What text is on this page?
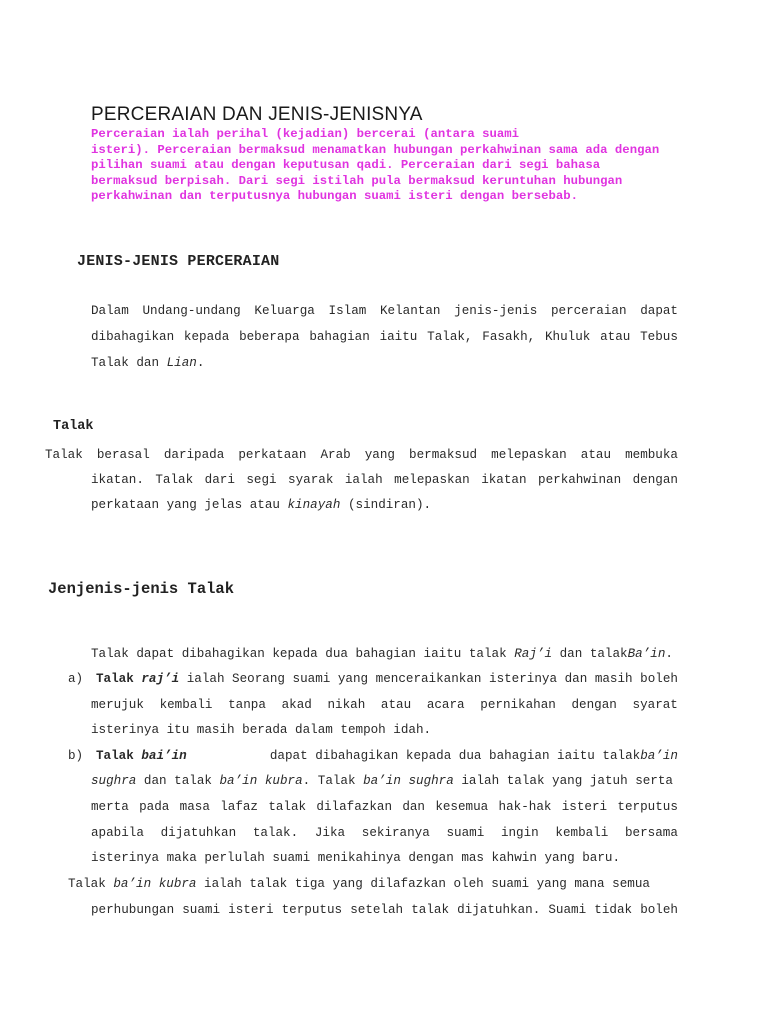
PERCERAIAN DAN JENIS-JENISNYA
Perceraian ialah perihal (kejadian) bercerai (antara suami
isteri). Perceraian bermaksud menamatkan hubungan perkahwinan sama ada dengan
pilihan suami atau dengan keputusan qadi. Perceraian dari segi bahasa
bermaksud berpisah. Dari segi istilah pula bermaksud keruntuhan hubungan
perkahwinan dan terputusnya hubungan suami isteri dengan bersebab.
JENIS-JENIS PERCERAIAN
Dalam Undang-undang Keluarga Islam Kelantan jenis-jenis perceraian dapat
dibahagikan kepada beberapa bahagian iaitu Talak, Fasakh, Khuluk atau Tebus
Talak dan Lian.
Talak
Talak berasal daripada perkataan Arab yang bermaksud melepaskan atau membuka
ikatan. Talak dari segi syarak ialah melepaskan ikatan perkahwinan dengan
perkataan yang jelas atau kinayah (sindiran).
Jenjenis-jenis Talak
Talak dapat dibahagikan kepada dua bahagian iaitu talak Raj’i dan talakBa’in.
a) Talak raj’i ialah Seorang suami yang menceraikankan isterinya dan masih boleh
merujuk kembali tanpa akad nikah atau acara pernikahan dengan syarat
isterinya itu masih berada dalam tempoh idah.
b) Talak bai’in	dapat dibahagikan kepada dua bahagian iaitu talakba’in
sughra dan talak ba’in kubra. Talak ba’in sughra ialah talak yang jatuh serta
merta pada masa lafaz talak dilafazkan dan kesemua hak-hak isteri terputus
apabila dijatuhkan talak. Jika sekiranya suami ingin kembali bersama
isterinya maka perlulah suami menikahinya dengan mas kahwin yang baru.
Talak ba’in kubra ialah talak tiga yang dilafazkan oleh suami yang mana semua
perhubungan suami isteri terputus setelah talak dijatuhkan. Suami tidak boleh
